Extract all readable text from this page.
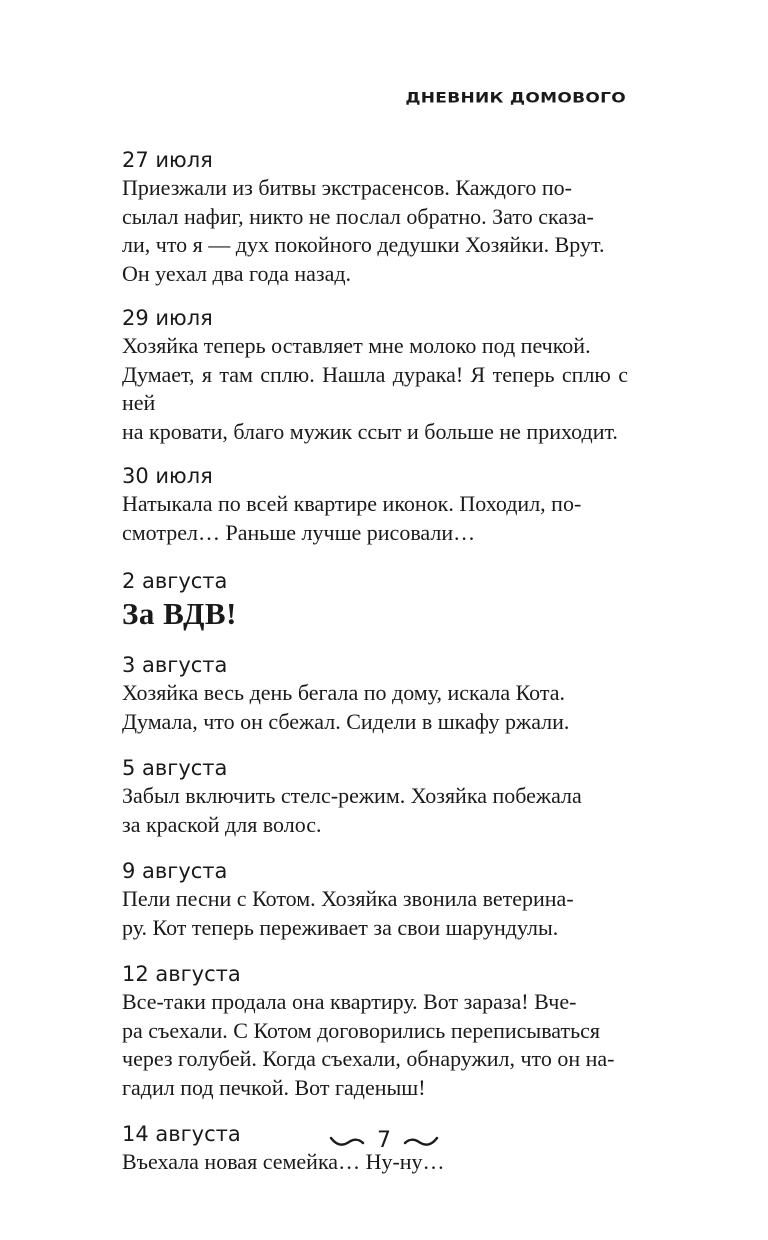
ДНЕВНИК ДОМОВОГО

27 июля

Приезжали из битвы экстрасенсов. Каждого по-
сылал нафиг, никто не послал обратно. Зато сказа-
ли, что я — дух покойного дедушки Хозяйки. Врут.
Он уехал два года назад.

29 июля

Хозяйка теперь оставляет мне молоко под печкой.
Думает, я там сплю. Нашла дурака! Я теперь сплю с ней
на кровати, благо мужик ссыт и больше не приходит.

30 июля

Натыкала по всей квартире иконок. Походил, по-
смотрел… Раньше лучше рисовали…

2 августа

За ВДВ!

3 августа

Хозяйка весь день бегала по дому, искала Кота.
Думала, что он сбежал. Сидели в шкафу ржали.

5 августа

Забыл включить стелс-режим. Хозяйка побежала
за краской для волос.

9 августа

Пели песни с Котом. Хозяйка звонила ветерина-
ру. Кот теперь переживает за свои шарундулы.

12 августа

Все-таки продала она квартиру. Вот зараза! Вче-
ра съехали. С Котом договорились переписываться
через голубей. Когда съехали, обнаружил, что он на-
гадил под печкой. Вот гаденыш!

14 августа

Въехала новая семейка… Ну-ну…
7
